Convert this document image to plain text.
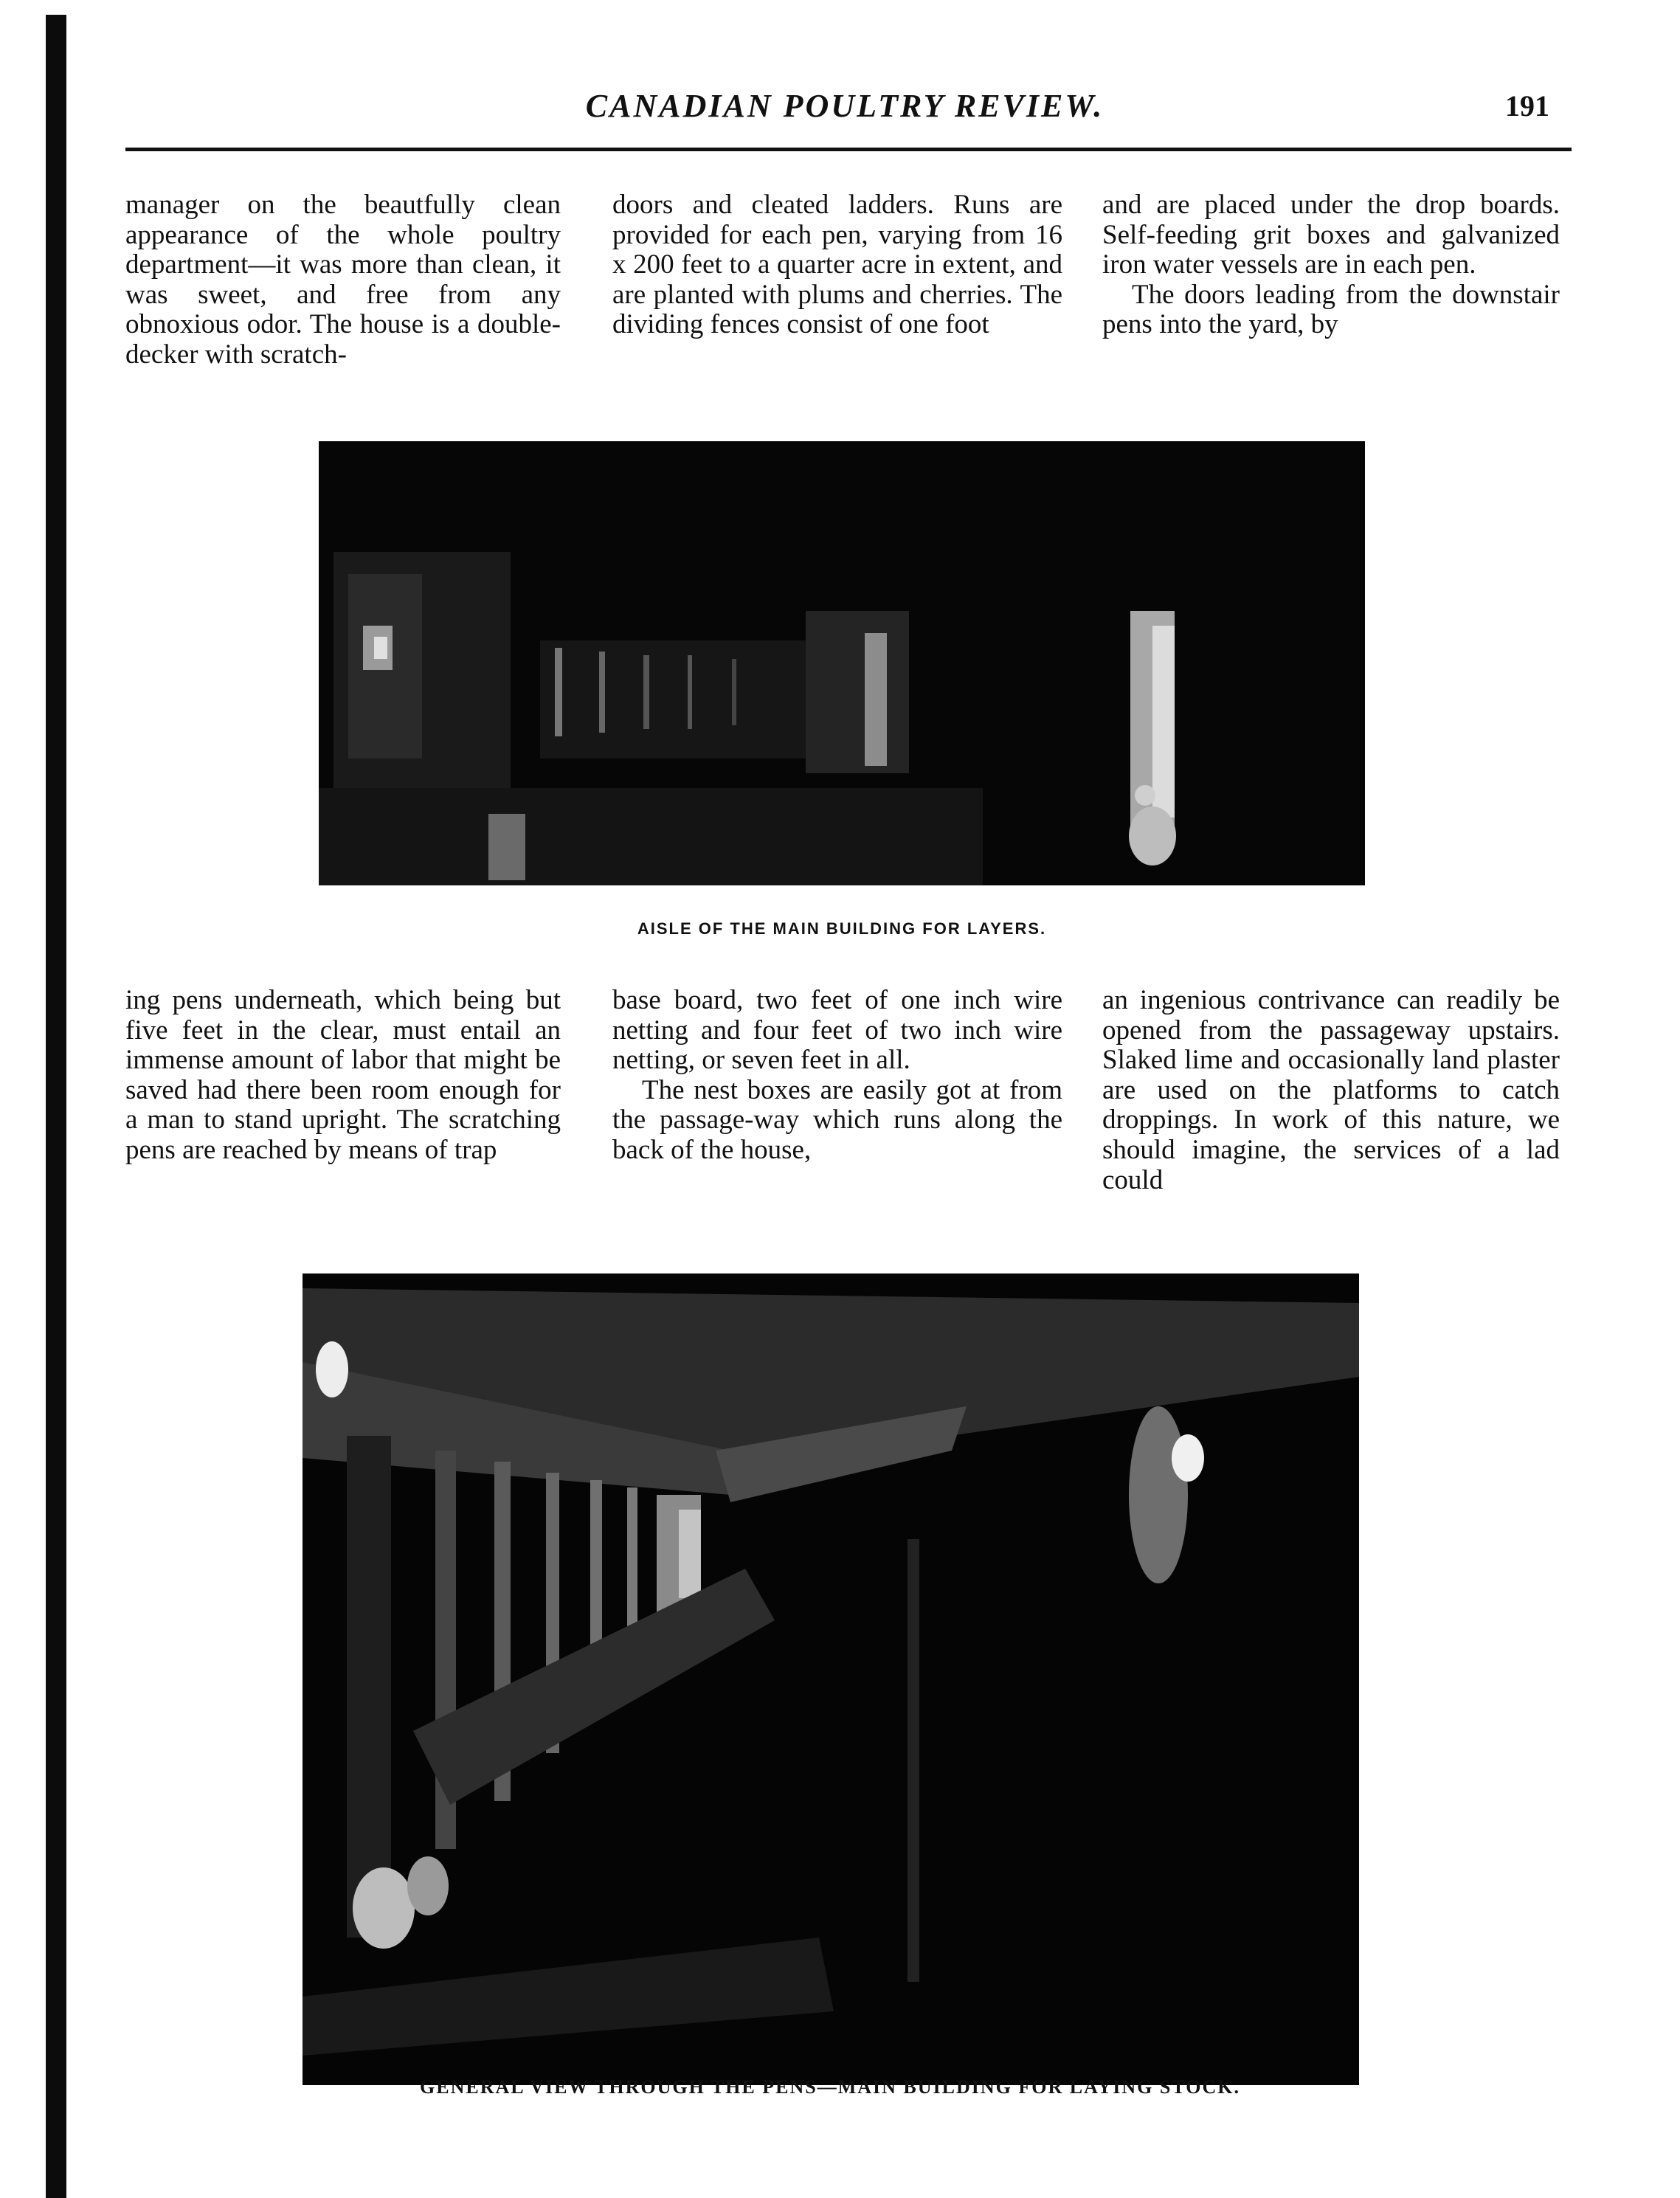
CANADIAN POULTRY REVIEW.	191

manager on the beautfully clean appearance of the whole poultry department—it was more than clean, it was sweet, and free from any obnoxious odor. The house is a double-decker with scratch-

doors and cleated ladders. Runs are provided for each pen, varying from 16 x 200 feet to a quarter acre in extent, and are planted with plums and cherries. The dividing fences consist of one foot

and are placed under the drop boards. Self-feeding grit boxes and galvanized iron water vessels are in each pen.

The doors leading from the downstair pens into the yard, by

AISLE OF THE MAIN BUILDING FOR LAYERS.

ing pens underneath, which being but five feet in the clear, must entail an immense amount of labor that might be saved had there been room enough for a man to stand upright. The scratching pens are reached by means of trap

base board, two feet of one inch wire netting and four feet of two inch wire netting, or seven feet in all.

The nest boxes are easily got at from the passage-way which runs along the back of the house,

an ingenious contrivance can readily be opened from the passageway upstairs. Slaked lime and occasionally land plaster are used on the platforms to catch droppings. In work of this nature, we should imagine, the services of a lad could

GENERAL VIEW THROUGH THE PENS—MAIN BUILDING FOR LAYING STOCK.
